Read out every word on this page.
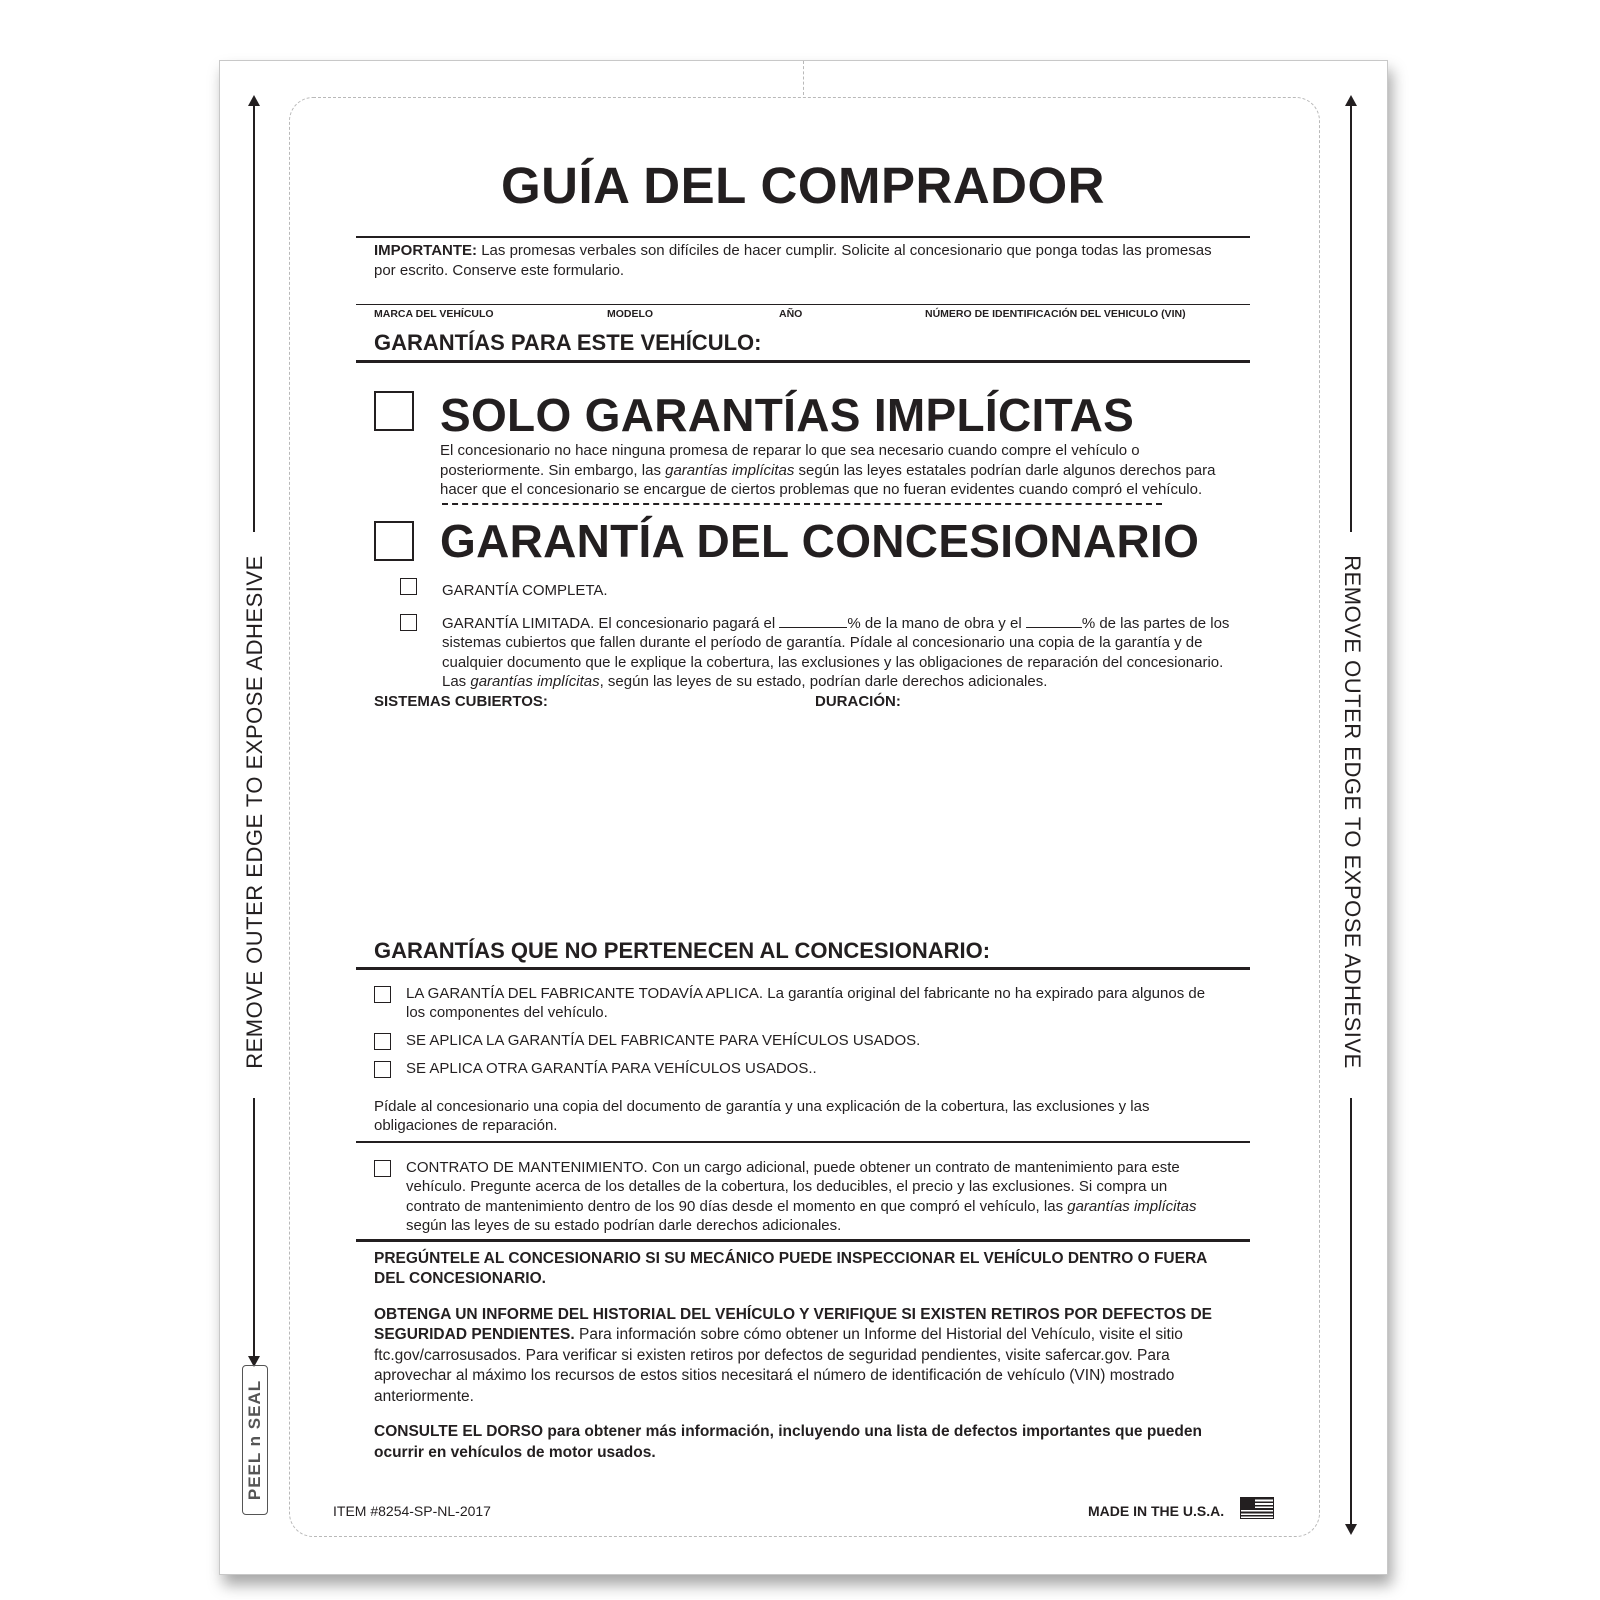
REMOVE OUTER EDGE TO EXPOSE ADHESIVE
PEEL n SEAL
REMOVE OUTER EDGE TO EXPOSE ADHESIVE
GUÍA DEL COMPRADOR
IMPORTANTE: Las promesas verbales son difíciles de hacer cumplir. Solicite al concesionario que ponga todas las promesas por escrito. Conserve este formulario.
MARCA DEL VEHÍCULO	MODELO	AÑO	NÚMERO DE IDENTIFICACIÓN DEL VEHICULO (VIN)
GARANTÍAS PARA ESTE VEHÍCULO:
SOLO GARANTÍAS IMPLÍCITAS
El concesionario no hace ninguna promesa de reparar lo que sea necesario cuando compre el vehículo o posteriormente. Sin embargo, las garantías implícitas según las leyes estatales podrían darle algunos derechos para hacer que el concesionario se encargue de ciertos problemas que no fueran evidentes cuando compró el vehículo.
GARANTÍA DEL CONCESIONARIO
GARANTÍA COMPLETA.
GARANTÍA LIMITADA. El concesionario pagará el	% de la mano de obra y el	% de las partes de los sistemas cubiertos que fallen durante el período de garantía. Pídale al concesionario una copia de la garantía y de cualquier documento que le explique la cobertura, las exclusiones y las obligaciones de reparación del concesionario. Las garantías implícitas, según las leyes de su estado, podrían darle derechos adicionales.
SISTEMAS CUBIERTOS:	DURACIÓN:
GARANTÍAS QUE NO PERTENECEN AL CONCESIONARIO:
LA GARANTÍA DEL FABRICANTE TODAVÍA APLICA. La garantía original del fabricante no ha expirado para algunos de los componentes del vehículo.
SE APLICA LA GARANTÍA DEL FABRICANTE PARA VEHÍCULOS USADOS.
SE APLICA OTRA GARANTÍA PARA VEHÍCULOS USADOS..
Pídale al concesionario una copia del documento de garantía y una explicación de la cobertura, las exclusiones y las obligaciones de reparación.
CONTRATO DE MANTENIMIENTO. Con un cargo adicional, puede obtener un contrato de mantenimiento para este vehículo. Pregunte acerca de los detalles de la cobertura, los deducibles, el precio y las exclusiones. Si compra un contrato de mantenimiento dentro de los 90 días desde el momento en que compró el vehículo, las garantías implícitas según las leyes de su estado podrían darle derechos adicionales.
PREGÚNTELE AL CONCESIONARIO SI SU MECÁNICO PUEDE INSPECCIONAR EL VEHÍCULO DENTRO O FUERA DEL CONCESIONARIO.
OBTENGA UN INFORME DEL HISTORIAL DEL VEHÍCULO Y VERIFIQUE SI EXISTEN RETIROS POR DEFECTOS DE SEGURIDAD PENDIENTES. Para información sobre cómo obtener un Informe del Historial del Vehículo, visite el sitio ftc.gov/carrosusados. Para verificar si existen retiros por defectos de seguridad pendientes, visite safercar.gov. Para aprovechar al máximo los recursos de estos sitios necesitará el número de identificación de vehículo (VIN) mostrado anteriormente.
CONSULTE EL DORSO para obtener más información, incluyendo una lista de defectos importantes que pueden ocurrir en vehículos de motor usados.
ITEM #8254-SP-NL-2017	MADE IN THE U.S.A.
